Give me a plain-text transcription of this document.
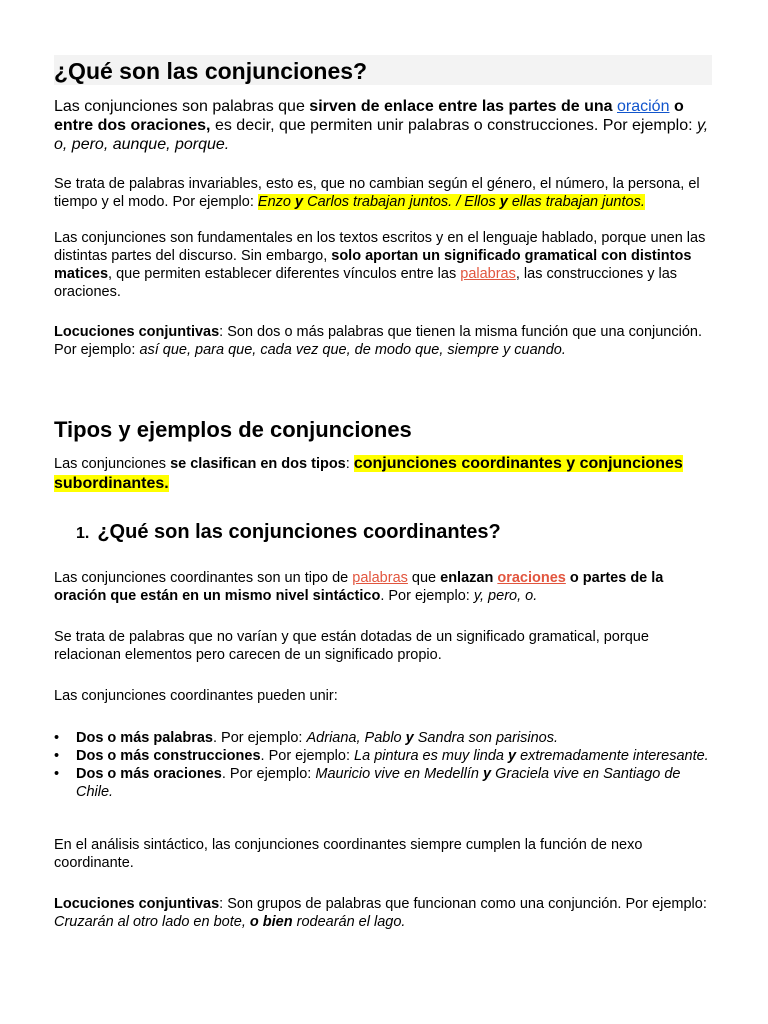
¿Qué son las conjunciones?

Las conjunciones son palabras que sirven de enlace entre las partes de una oración o entre dos oraciones, es decir, que permiten unir palabras o construcciones. Por ejemplo: y, o, pero, aunque, porque.

Se trata de palabras invariables, esto es, que no cambian según el género, el número, la persona, el tiempo y el modo. Por ejemplo: Enzo y Carlos trabajan juntos. / Ellos y ellas trabajan juntos.

Las conjunciones son fundamentales en los textos escritos y en el lenguaje hablado, porque unen las distintas partes del discurso. Sin embargo, solo aportan un significado gramatical con distintos matices, que permiten establecer diferentes vínculos entre las palabras, las construcciones y las oraciones.

Locuciones conjuntivas: Son dos o más palabras que tienen la misma función que una conjunción. Por ejemplo: así que, para que, cada vez que, de modo que, siempre y cuando.

Tipos y ejemplos de conjunciones

Las conjunciones se clasifican en dos tipos: conjunciones coordinantes y conjunciones subordinantes.

1. ¿Qué son las conjunciones coordinantes?

Las conjunciones coordinantes son un tipo de palabras que enlazan oraciones o partes de la oración que están en un mismo nivel sintáctico. Por ejemplo: y, pero, o.

Se trata de palabras que no varían y que están dotadas de un significado gramatical, porque relacionan elementos pero carecen de un significado propio.

Las conjunciones coordinantes pueden unir:

• Dos o más palabras. Por ejemplo: Adriana, Pablo y Sandra son parisinos.
• Dos o más construcciones. Por ejemplo: La pintura es muy linda y extremadamente interesante.
• Dos o más oraciones. Por ejemplo: Mauricio vive en Medellín y Graciela vive en Santiago de Chile.

En el análisis sintáctico, las conjunciones coordinantes siempre cumplen la función de nexo coordinante.

Locuciones conjuntivas: Son grupos de palabras que funcionan como una conjunción. Por ejemplo: Cruzarán al otro lado en bote, o bien rodearán el lago.
